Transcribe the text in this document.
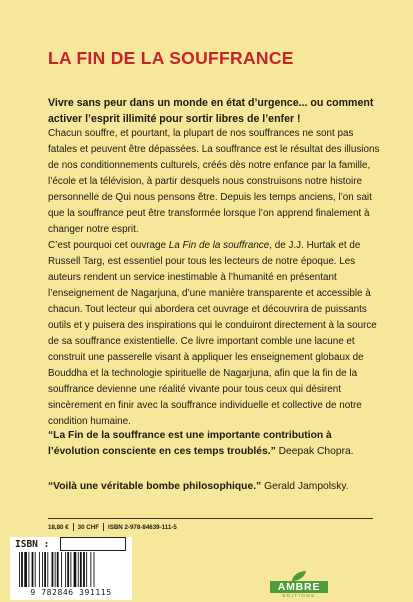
LA FIN DE LA SOUFFRANCE
Vivre sans peur dans un monde en état d’urgence... ou comment activer l’esprit illimité pour sortir libres de l’enfer !

Chacun souffre, et pourtant, la plupart de nos souffrances ne sont pas fatales et peuvent être dépassées. La souffrance est le résultat des illusions de nos conditionnements culturels, créés dès notre enfance par la famille, l’école et la télévision, à partir desquels nous construisons notre histoire personnelle de Qui nous pensons être. Depuis les temps anciens, l’on sait que la souffrance peut être transformée lorsque l’on apprend finalement à changer notre esprit.

C’est pourquoi cet ouvrage La Fin de la souffrance, de J.J. Hurtak et de Russell Targ, est essentiel pour tous les lecteurs de notre époque. Les auteurs rendent un service inestimable à l’humanité en présentant l’enseignement de Nagarjuna, d’une manière transparente et accessible à chacun. Tout lecteur qui abordera cet ouvrage et découvrira de puissants outils et y puisera des inspirations qui le conduiront directement à la source de sa souffrance existentielle. Ce livre important comble une lacune et construit une passerelle visant à appliquer les enseignement globaux de Bouddha et la technologie spirituelle de Nagarjuna, afin que la fin de la souffrance devienne une réalité vivante pour tous ceux qui désirent sincèrement en finir avec la souffrance individuelle et collective de notre condition humaine.

“La Fin de la souffrance est une importante contribution à l’évolution consciente en ces temps troublés.” Deepak Chopra.

“Voilà une véritable bombe philosophique.” Gerald Jampolsky.

18,80 € 30 CHF ISBN 2-978-84639-111-5
ISBN :
9 782846 391115	AMBRE
EDITIONS
